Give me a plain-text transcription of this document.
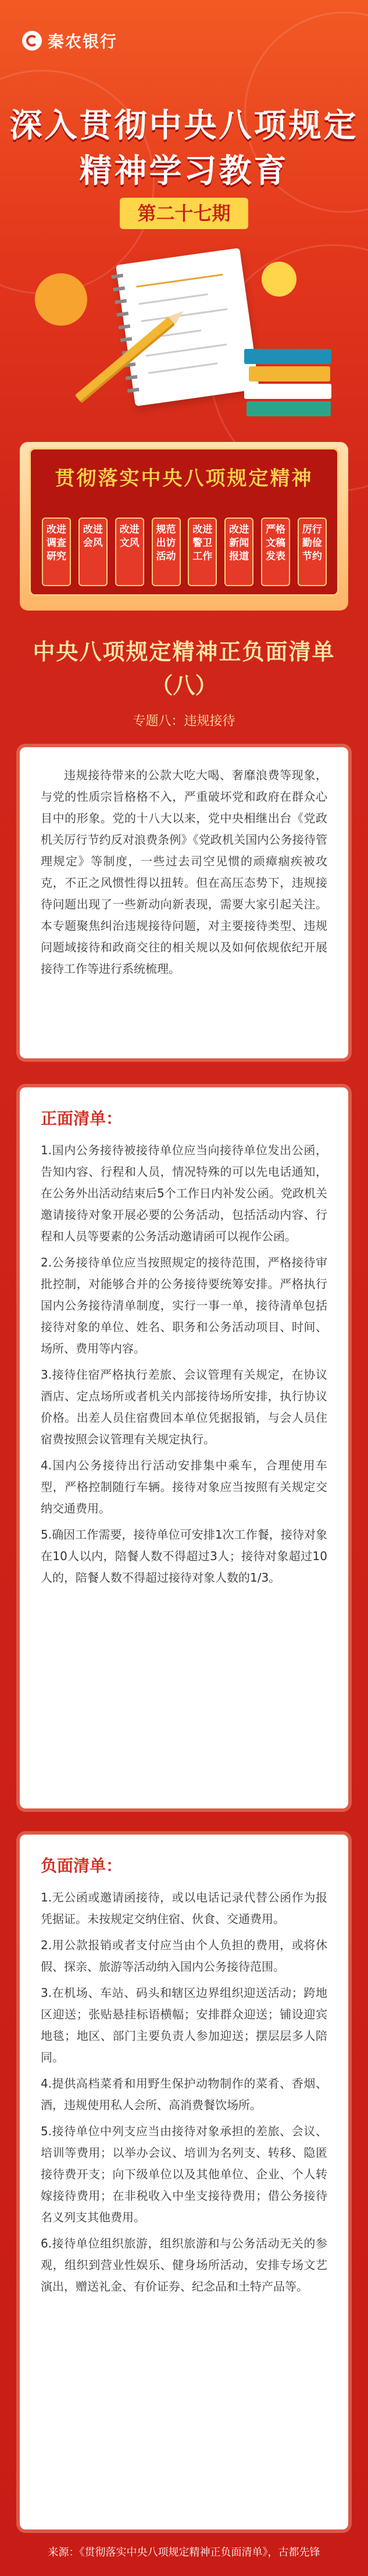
秦农银行
深入贯彻中央八项规定
精神学习教育
第二十七期
贯彻落实中央八项规定精神
改进调查研究
改进会风
改进文风
规范出访活动
改进警卫工作
改进新闻报道
严格文稿发表
厉行勤俭节约
中央八项规定精神正负面清单
（八）
专题八：违规接待
违规接待带来的公款大吃大喝、奢靡浪费等现象，与党的性质宗旨格格不入，严重破坏党和政府在群众心目中的形象。党的十八大以来，党中央相继出台《党政机关厉行节约反对浪费条例》《党政机关国内公务接待管理规定》等制度，一些过去司空见惯的顽瘴痼疾被攻克，不正之风惯性得以扭转。但在高压态势下，违规接待问题出现了一些新动向新表现，需要大家引起关注。本专题聚焦纠治违规接待问题，对主要接待类型、违规问题域接待和政商交往的相关规以及如何依规依纪开展接待工作等进行系统梳理。
正面清单：

1.国内公务接待被接待单位应当向接待单位发出公函，告知内容、行程和人员，情况特殊的可以先电话通知，在公务外出活动结束后5个工作日内补发公函。党政机关邀请接待对象开展必要的公务活动，包括活动内容、行程和人员等要素的公务活动邀请函可以视作公函。

2.公务接待单位应当按照规定的接待范围，严格接待审批控制，对能够合并的公务接待要统筹安排。严格执行国内公务接待清单制度，实行一事一单，接待清单包括接待对象的单位、姓名、职务和公务活动项目、时间、场所、费用等内容。

3.接待住宿严格执行差旅、会议管理有关规定，在协议酒店、定点场所或者机关内部接待场所安排，执行协议价格。出差人员住宿费回本单位凭据报销，与会人员住宿费按照会议管理有关规定执行。

4.国内公务接待出行活动安排集中乘车，合理使用车型，严格控制随行车辆。接待对象应当按照有关规定交纳交通费用。

5.确因工作需要，接待单位可安排1次工作餐，接待对象在10人以内，陪餐人数不得超过3人；接待对象超过10人的，陪餐人数不得超过接待对象人数的1/3。

负面清单：

1.无公函或邀请函接待，或以电话记录代替公函作为报凭据证。未按规定交纳住宿、伙食、交通费用。

2.用公款报销或者支付应当由个人负担的费用，或将休假、探亲、旅游等活动纳入国内公务接待范围。

3.在机场、车站、码头和辖区边界组织迎送活动；跨地区迎送；张贴悬挂标语横幅；安排群众迎送；铺设迎宾地毯；地区、部门主要负责人参加迎送；摆层层多人陪同。

4.提供高档菜肴和用野生保护动物制作的菜肴、香烟、酒，违规使用私人会所、高消费餐饮场所。

5.接待单位中列支应当由接待对象承担的差旅、会议、培训等费用；以举办会议、培训为名列支、转移、隐匿接待费开支；向下级单位以及其他单位、企业、个人转嫁接待费用；在非税收入中坐支接待费用；借公务接待名义列支其他费用。

6.接待单位组织旅游，组织旅游和与公务活动无关的参观，组织到营业性娱乐、健身场所活动，安排专场文艺演出，赠送礼金、有价证券、纪念品和土特产品等。

来源：《贯彻落实中央八项规定精神正负面清单》，古都先锋
